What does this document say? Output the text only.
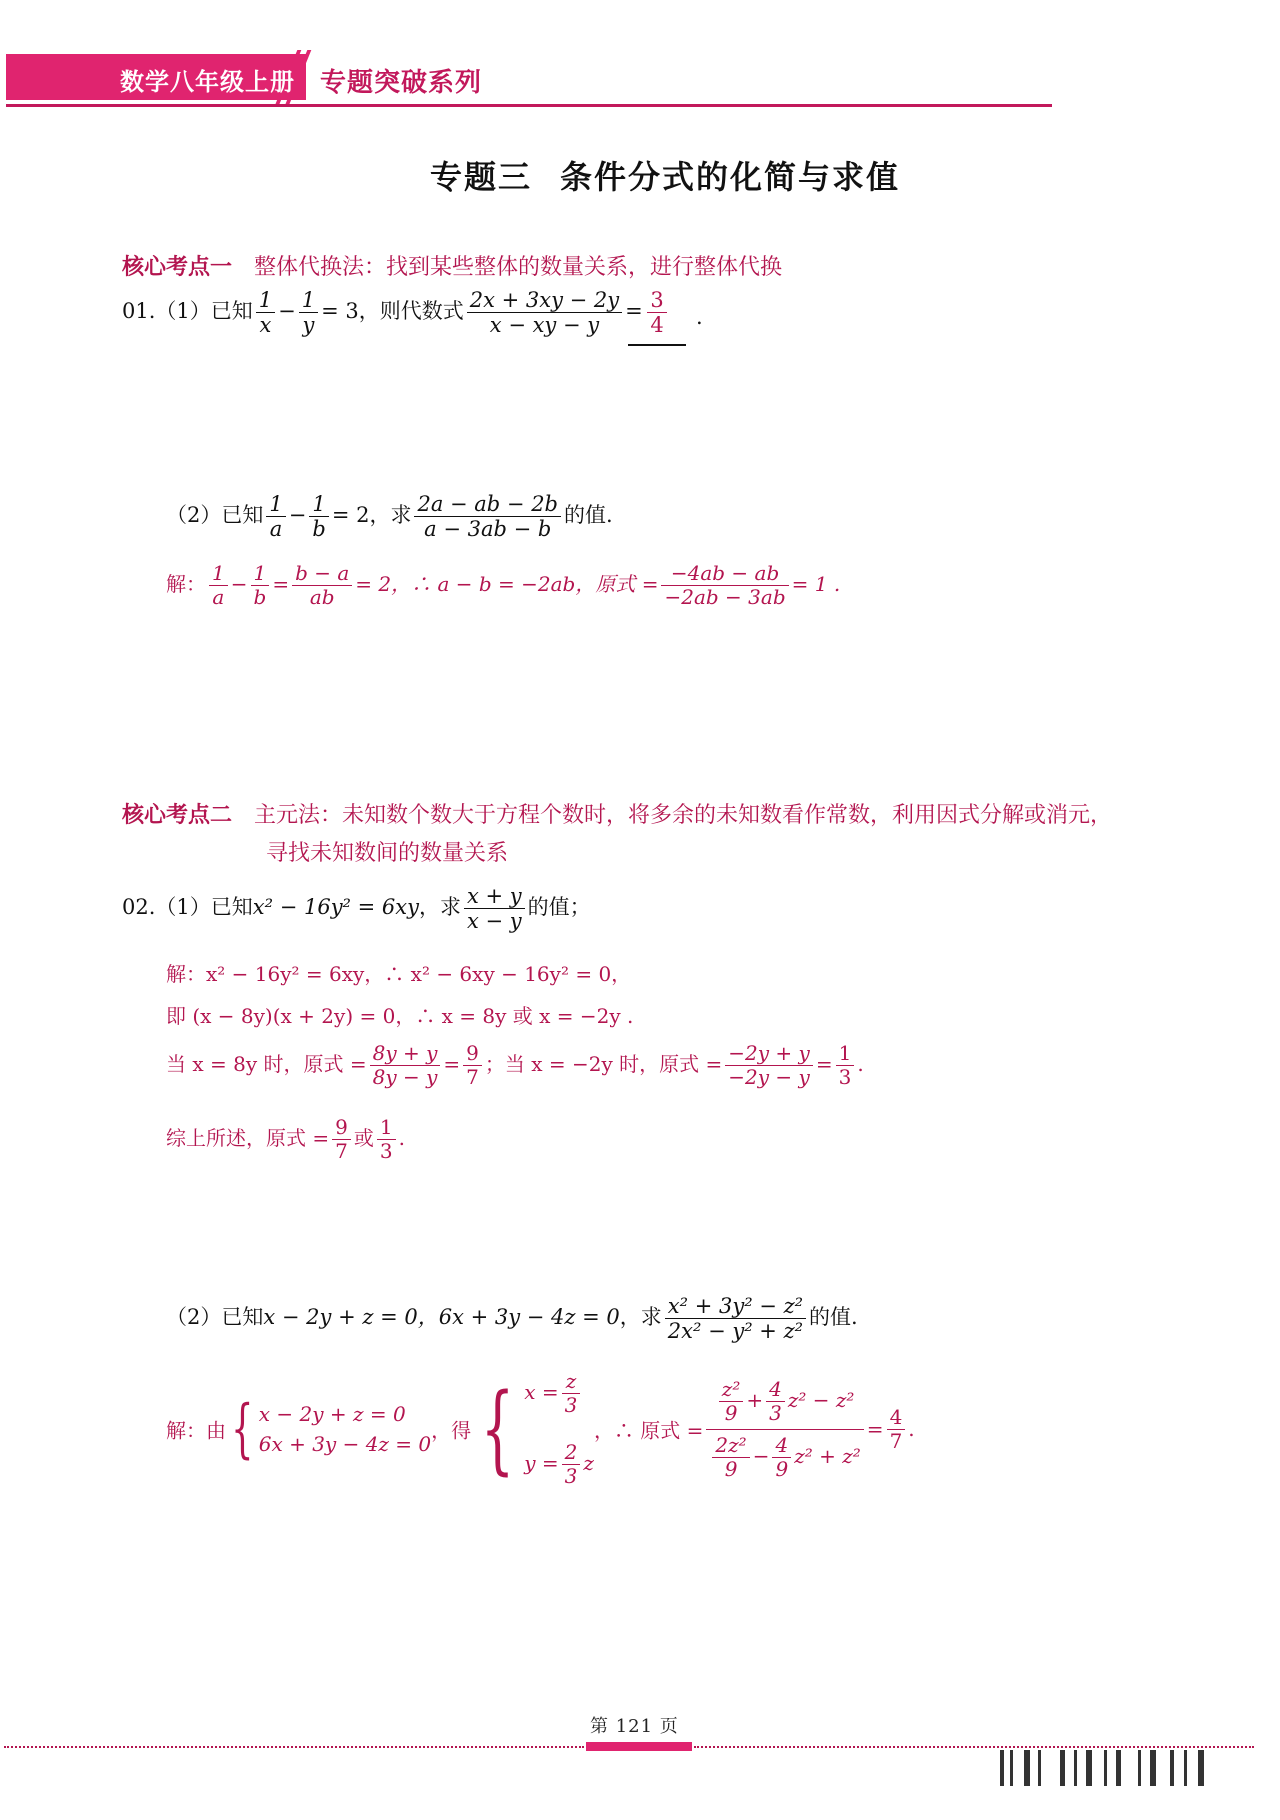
数学八年级上册 专题突破系列
专题三 条件分式的化简与求值
核心考点一 整体代换法：找到某些整体的数量关系，进行整体代换
01.（1）已知 $\frac{1}{x} - \frac{1}{y} = 3$，则代数式 $\frac{2x + 3xy - 2y}{x - xy - y} = \frac{3}{4}$ .
（2）已知 $\frac{1}{a} - \frac{1}{b} = 2$，求 $\frac{2a - ab - 2b}{a - 3ab - b}$ 的值.
解： $\frac{1}{a} - \frac{1}{b} = \frac{b - a}{ab} = 2$，∴ a − b = −2ab，原式 = $\frac{-4ab - ab}{-2ab - 3ab} = 1$ .
核心考点二 主元法：未知数个数大于方程个数时，将多余的未知数看作常数，利用因式分解或消元，
寻找未知数间的数量关系
02.（1）已知x² − 16y² = 6xy，求 $\frac{x + y}{x - y}$ 的值；
解：x² − 16y² = 6xy，∴ x² − 6xy − 16y² = 0，
即 (x − 8y)(x + 2y) = 0，∴ x = 8y 或 x = −2y .
当 x = 8y 时，原式 = $\frac{8y + y}{8y - y} = \frac{9}{7}$ ；当 x = −2y 时，原式 = $\frac{-2y + y}{-2y - y} = \frac{1}{3}$ .
综上所述，原式 = $\frac{9}{7}$ 或 $\frac{1}{3}$ .
（2）已知x − 2y + z = 0，6x + 3y − 4z = 0，求 $\frac{\text{x² + 3y² − z²}}{\text{2x² − y² + z²}}$ 的值.
解：由{ x − 2y + z = 0
6x + 3y − 4z = 0，得 { $x = \frac{z}{3}$

$y = \frac{2}{3}$ z，∴ 原式 = $\frac{\frac{\text{z²}}{9} + \frac{4}{3} z^2 - z^2}{\frac{\text{2z²}}{9} - \frac{4}{9} z^2 + z^2} = \frac{4}{7}$ .
第 121 页
